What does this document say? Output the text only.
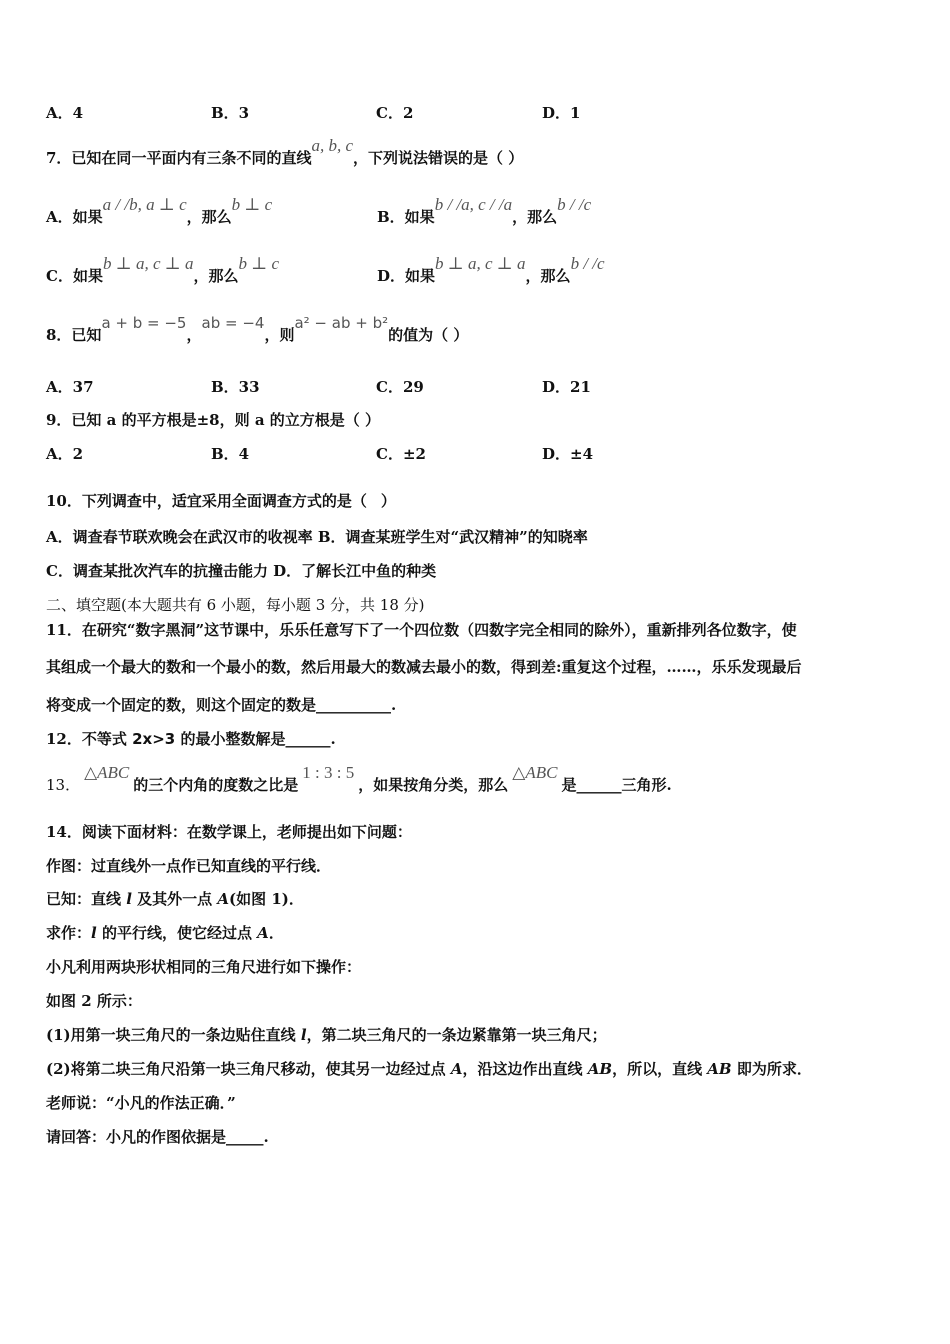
A．4	B．3	C．2	D．1
7．已知在同一平面内有三条不同的直线a, b, c，下列说法错误的是（ ）
A．如果a / /b, a ⊥ c，那么b ⊥ c
B．如果b / /a, c / /a，那么b / /c
C．如果b ⊥ a, c ⊥ a，那么b ⊥ c
D．如果b ⊥ a, c ⊥ a，那么b / /c
8．已知a + b = −5，ab = −4，则a² − ab + b²的值为（ ）
A．37	B．33	C．29	D．21
9．已知 a 的平方根是±8，则 a 的立方根是（ ）
A．2	B．4	C．±2	D．±4
10．下列调查中，适宜采用全面调查方式的是（ ）
A．调查春节联欢晚会在武汉市的收视率 B．调查某班学生对“武汉精神”的知晓率
C．调查某批次汽车的抗撞击能力 D．了解长江中鱼的种类
二、填空题(本大题共有 6 小题，每小题 3 分，共 18 分)
11．在研究“数字黑洞”这节课中，乐乐任意写下了一个四位数（四数字完全相同的除外），重新排列各位数字，使
其组成一个最大的数和一个最小的数，然后用最大的数减去最小的数，得到差:重复这个过程，……，乐乐发现最后
将变成一个固定的数，则这个固定的数是__________.
12．不等式 2x>3 的最小整数解是______.
13．△ABC的三个内角的度数之比是1 : 3 : 5，如果按角分类，那么△ABC是______三角形.
14．阅读下面材料：在数学课上，老师提出如下问题：
作图：过直线外一点作已知直线的平行线．
已知：直线 l 及其外一点 A(如图 1)．
求作：l 的平行线，使它经过点 A．
小凡利用两块形状相同的三角尺进行如下操作：
如图 2 所示：
(1)用第一块三角尺的一条边贴住直线 l，第二块三角尺的一条边紧靠第一块三角尺；
(2)将第二块三角尺沿第一块三角尺移动，使其另一边经过点 A，沿这边作出直线 AB，所以，直线 AB 即为所求．
老师说：“小凡的作法正确．”
请回答：小凡的作图依据是_____.
